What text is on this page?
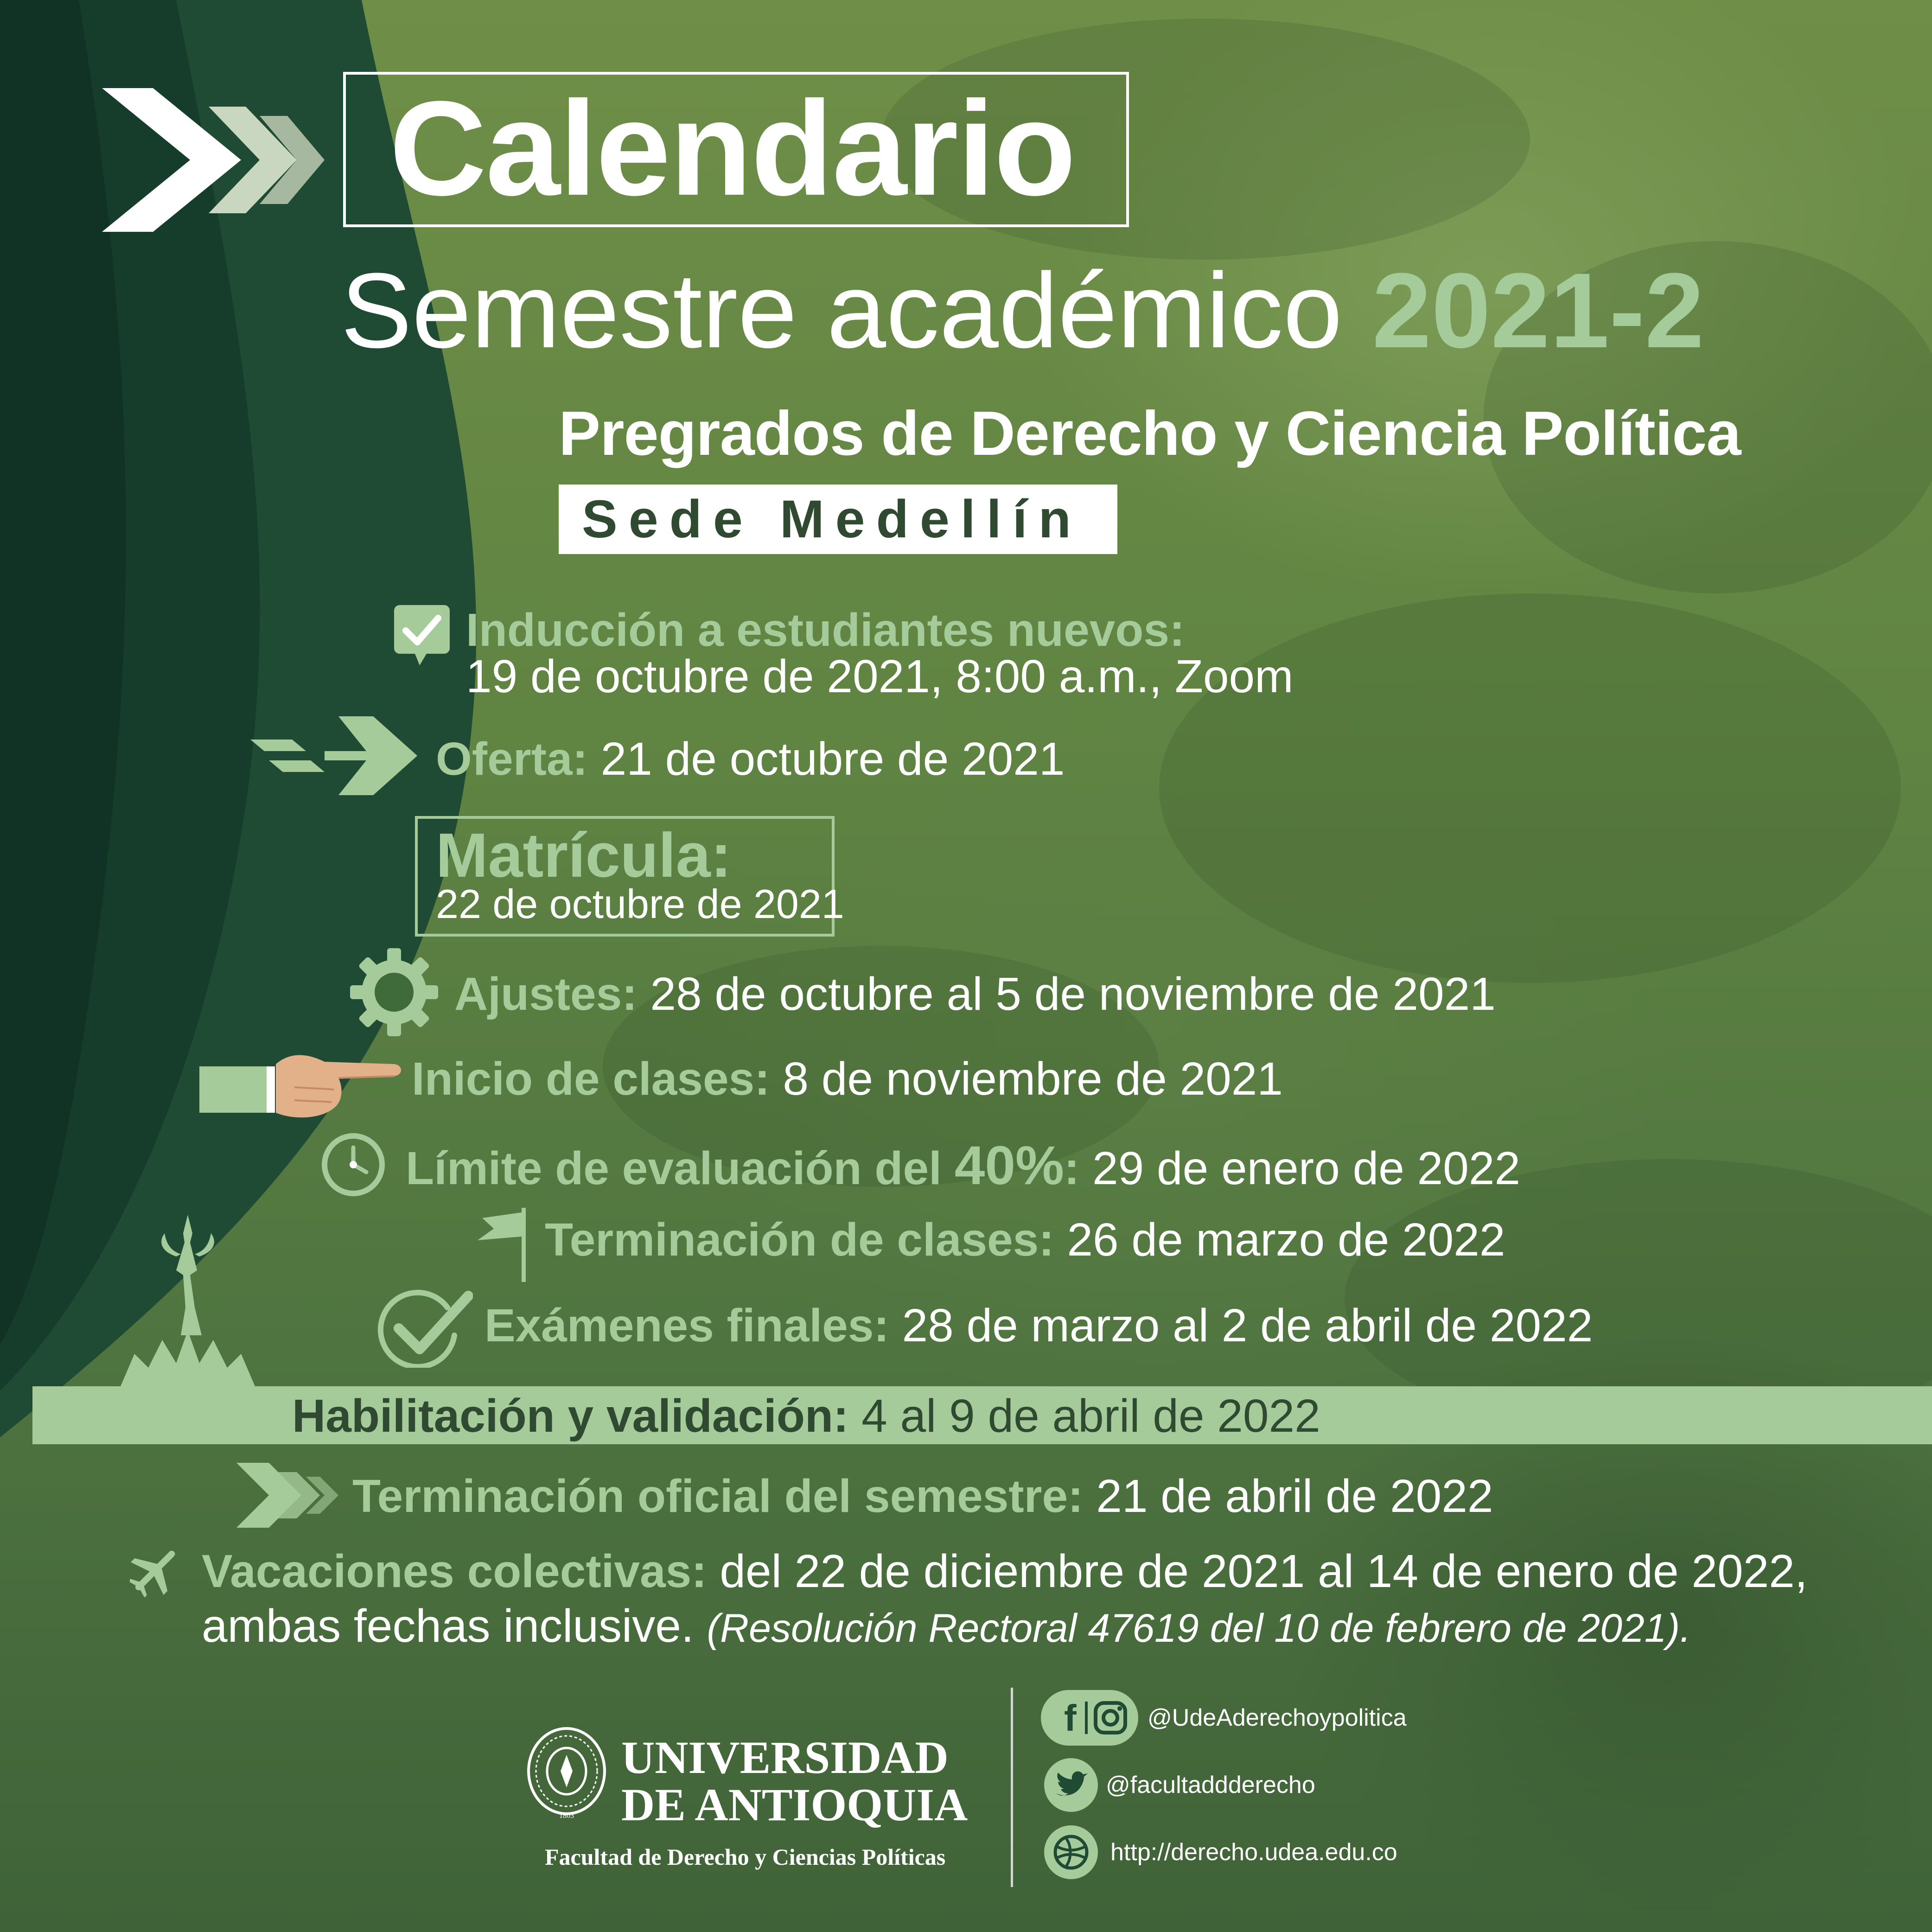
Calendario
Semestre académico 2021-2
Pregrados de Derecho y Ciencia Política
Sede Medellín
Inducción a estudiantes nuevos:
19 de octubre de 2021, 8:00 a.m., Zoom
Oferta: 21 de octubre de 2021
Matrícula:
22 de octubre de 2021
Ajustes: 28 de octubre al 5 de noviembre de 2021
Inicio de clases: 8 de noviembre de 2021
Límite de evaluación del 40%: 29 de enero de 2022
Terminación de clases: 26 de marzo de 2022
Exámenes finales: 28 de marzo al 2 de abril de 2022
Habilitación y validación: 4 al 9 de abril de 2022
Terminación oficial del semestre: 21 de abril de 2022
Vacaciones colectivas: del 22 de diciembre de 2021 al 14 de enero de 2022,
ambas fechas inclusive. (Resolución Rectoral 47619 del 10 de febrero de 2021).
1803
UNIVERSIDAD
DE ANTIOQUIA
Facultad de Derecho y Ciencias Políticas
f	@UdeAderechoypolitica
@facultaddderecho
http://derecho.udea.edu.co
